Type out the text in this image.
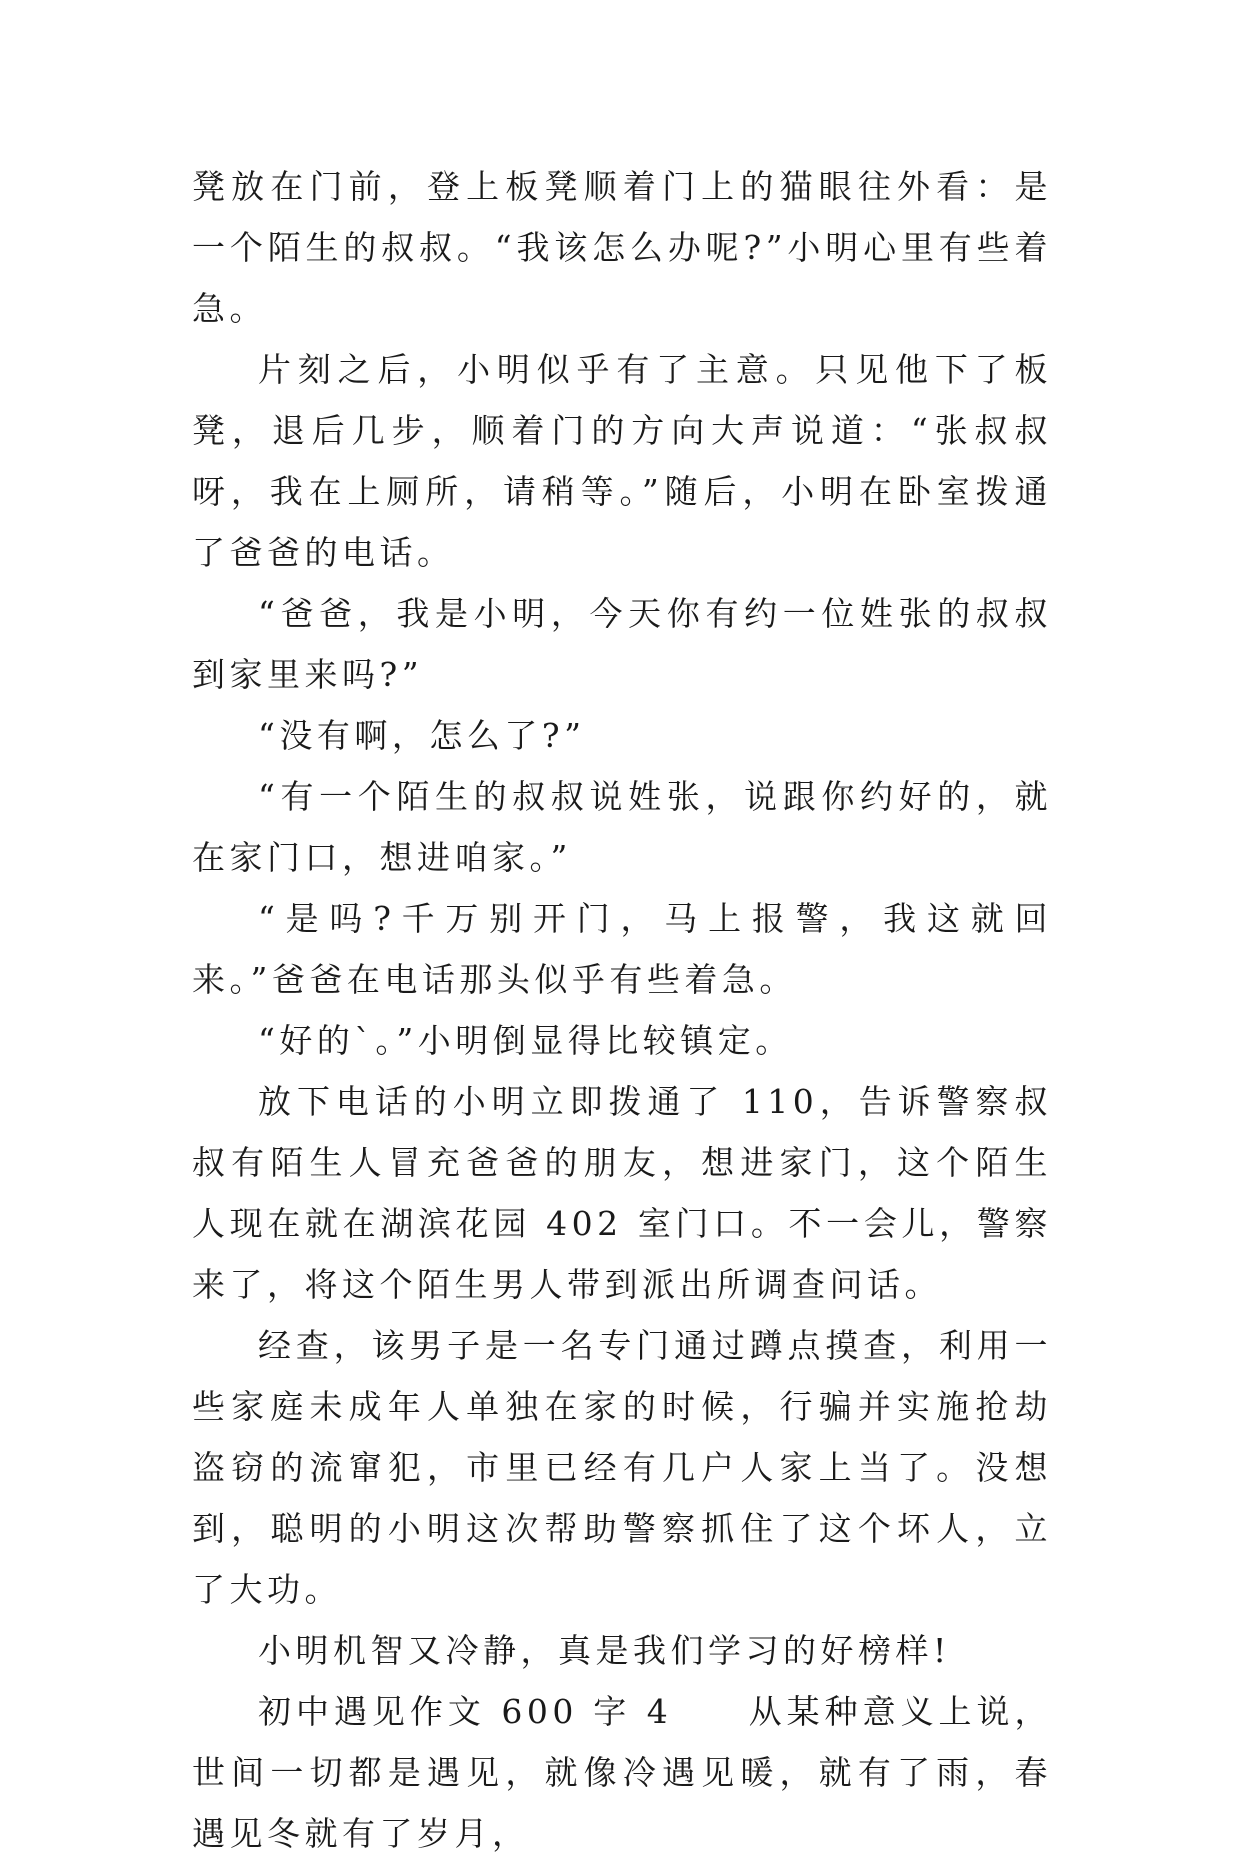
凳放在门前，登上板凳顺着门上的猫眼往外看：是一个陌生的叔叔。“我该怎么办呢?”小明心里有些着急。

片刻之后，小明似乎有了主意。只见他下了板凳，退后几步，顺着门的方向大声说道：“张叔叔呀，我在上厕所，请稍等。”随后，小明在卧室拨通了爸爸的电话。

“爸爸，我是小明，今天你有约一位姓张的叔叔到家里来吗?”

“没有啊，怎么了?”

“有一个陌生的叔叔说姓张，说跟你约好的，就在家门口，想进咱家。”

“是吗?千万别开门，马上报警，我这就回来。”爸爸在电话那头似乎有些着急。

“好的`。”小明倒显得比较镇定。

放下电话的小明立即拨通了 110，告诉警察叔叔有陌生人冒充爸爸的朋友，想进家门，这个陌生人现在就在湖滨花园 402 室门口。不一会儿，警察来了，将这个陌生男人带到派出所调查问话。

经查，该男子是一名专门通过蹲点摸查，利用一些家庭未成年人单独在家的时候，行骗并实施抢劫盗窃的流窜犯，市里已经有几户人家上当了。没想到，聪明的小明这次帮助警察抓住了这个坏人，立了大功。

小明机智又冷静，真是我们学习的好榜样!

初中遇见作文 600 字 4　　从某种意义上说，世间一切都是遇见，就像冷遇见暖，就有了雨，春遇见冬就有了岁月，
